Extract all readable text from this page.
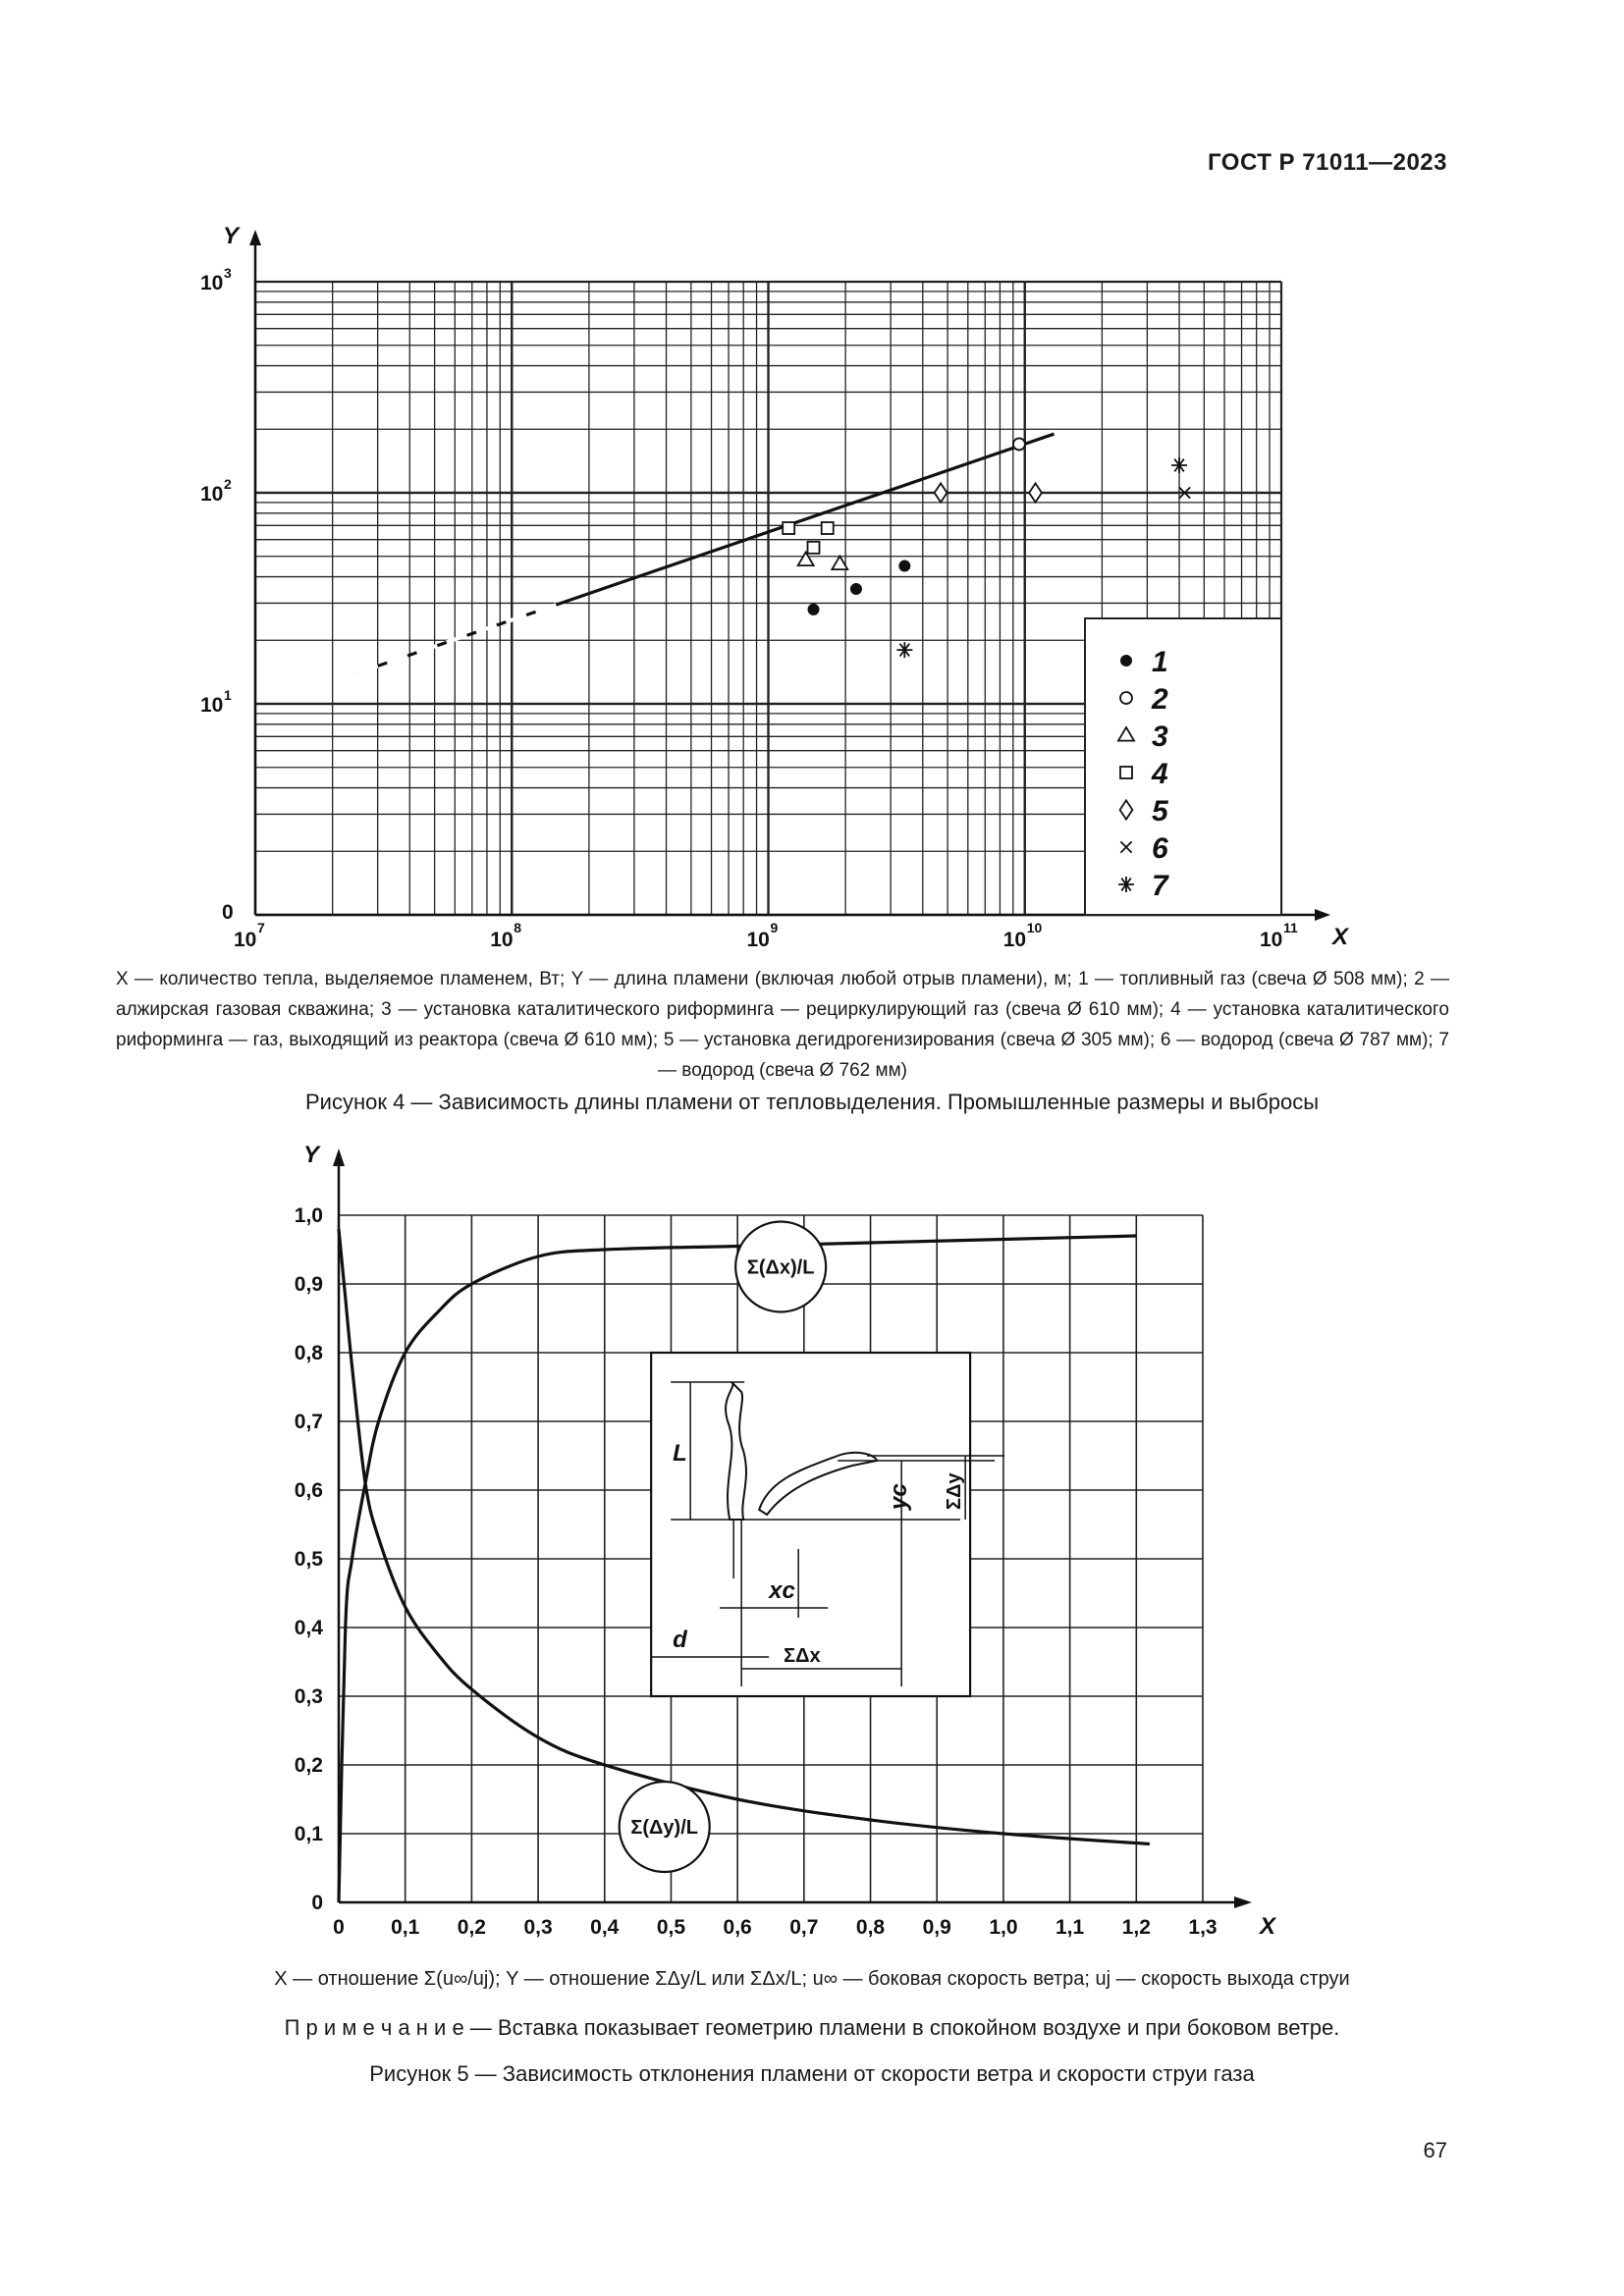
ГОСТ Р 71011—2023
Y
X
10 3
10 2
10 1
0
10
7
10
8
10
9
10
10
10
11
1
2
3
4
5
6
7
X — количество тепла, выделяемое пламенем, Вт; Y — длина пламени (включая любой отрыв пламени), м; 1 — топливный газ (свеча Ø 508 мм); 2 — алжирская газовая скважина; 3 — установка каталитического риформинга — рециркулирующий газ (свеча Ø 610 мм); 4 — установка каталитического риформинга — газ, выходящий из реактора (свеча Ø 610 мм); 5 — установка дегидрогенизирования (свеча Ø 305 мм); 6 — водород (свеча Ø 787 мм); 7 — водород (свеча Ø 762 мм)
Рисунок 4 — Зависимость длины пламени от тепловыделения. Промышленные размеры и выбросы
Y
X
0
0,1
0,2
0,3
0,4
0,5
0,6
0,7
0,8
0,9
1,0
0 0,1 0,2 0,3 0,4 0,5 0,6 0,7 0,8 0,9 1,0 1,1 1,2 1,3
Σ(Δx)/L
Σ(Δy)/L
L
yc ΣΔy
xc
d
ΣΔx
X — отношение Σ(u∞/uj); Y — отношение ΣΔy/L или ΣΔx/L; u∞ — боковая скорость ветра; uj — скорость выхода струи
П р и м е ч а н и е — Вставка показывает геометрию пламени в спокойном воздухе и при боковом ветре.
Рисунок 5 — Зависимость отклонения пламени от скорости ветра и скорости струи газа
67
